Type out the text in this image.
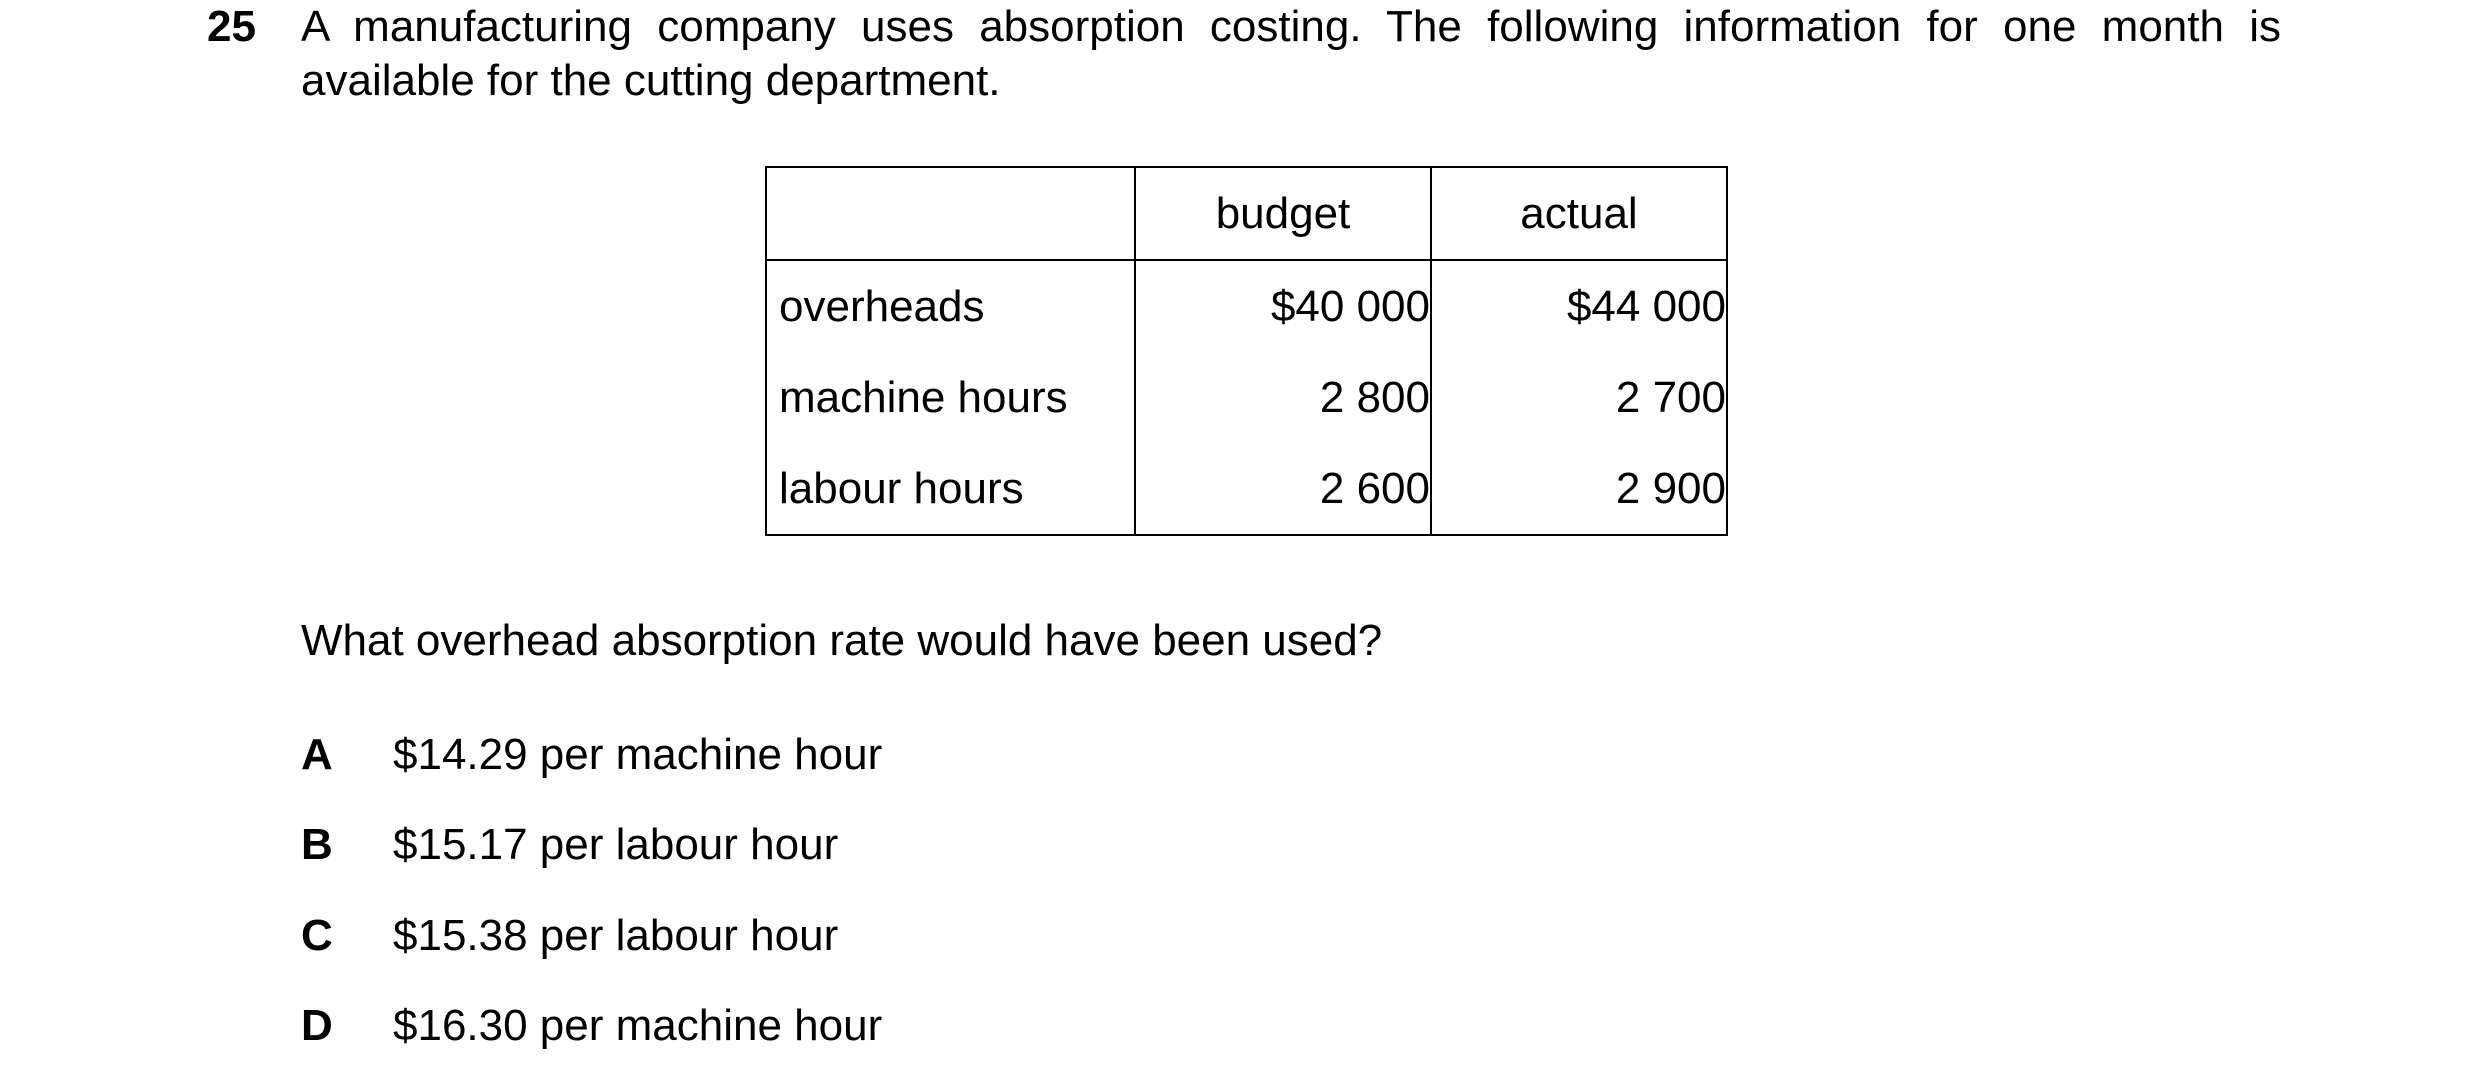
25 A manufacturing company uses absorption costing. The following information for one month is available for the cutting department.
	budget	actual
overheads	$40 000	$44 000
machine hours	2 800	2 700
labour hours	2 600	2 900
What overhead absorption rate would have been used?
A $14.29 per machine hour
B $15.17 per labour hour
C $15.38 per labour hour
D $16.30 per machine hour
